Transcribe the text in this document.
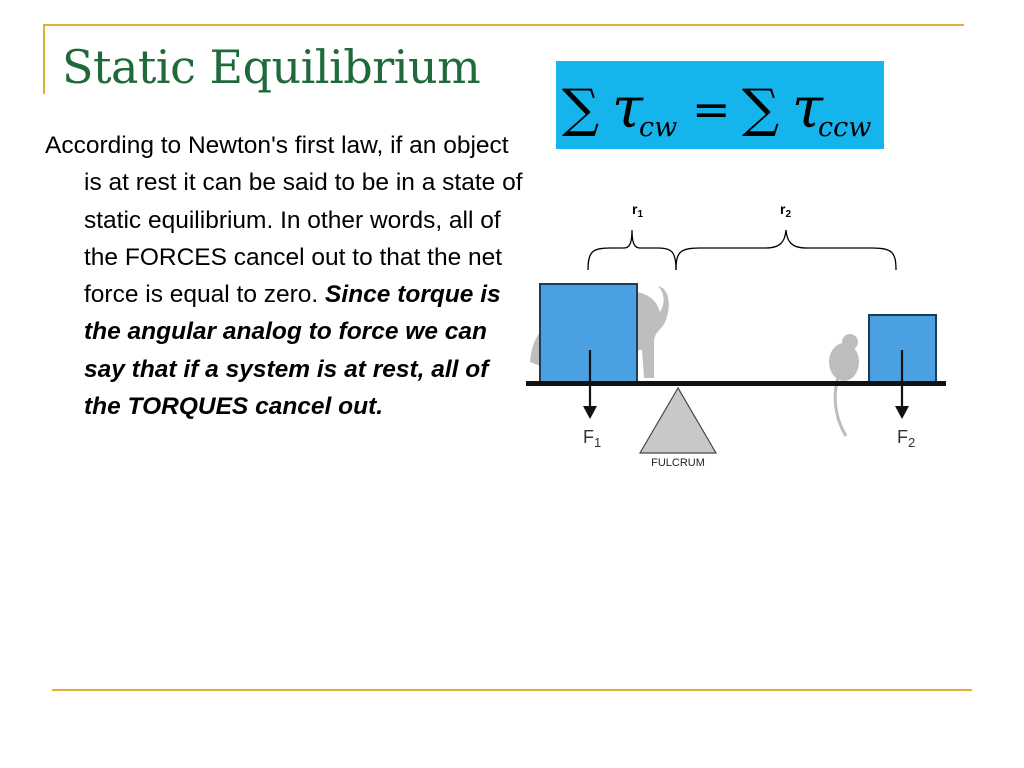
Static Equilibrium

According to Newton's first law, if an object is at rest it can be said to be in a state of static equilibrium. In other words, all of the FORCES cancel out to that the net force is equal to zero. Since torque is the angular analog to force we can say that if a system is at rest, all of the TORQUES cancel out.

∑ τ
cw = ∑ τ
ccw
$r_1$	$r_2$
FULCRUM
$F_1$	$F_2$
